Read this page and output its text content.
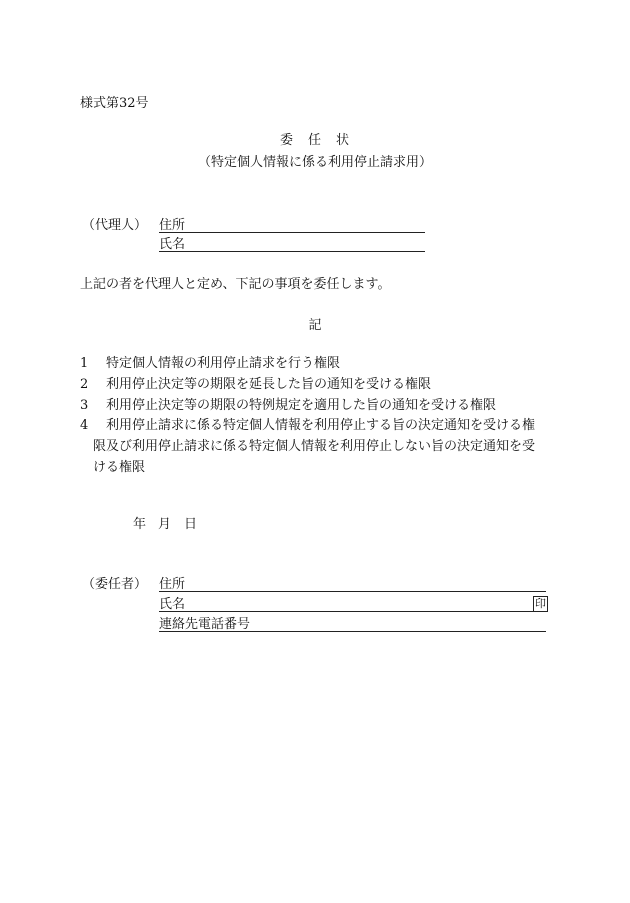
様式第32号
委　任　状
（特定個人情報に係る利用停止請求用）
（代理人） 住所
氏名
上記の者を代理人と定め、下記の事項を委任します。
記
1 特定個人情報の利用停止請求を行う権限
2 利用停止決定等の期限を延長した旨の通知を受ける権限
3 利用停止決定等の期限の特例規定を適用した旨の通知を受ける権限
4 利用停止請求に係る特定個人情報を利用停止する旨の決定通知を受ける権
限及び利用停止請求に係る特定個人情報を利用停止しない旨の決定通知を受
ける権限
年 月 日
（委任者） 住所
氏名	印
連絡先電話番号
